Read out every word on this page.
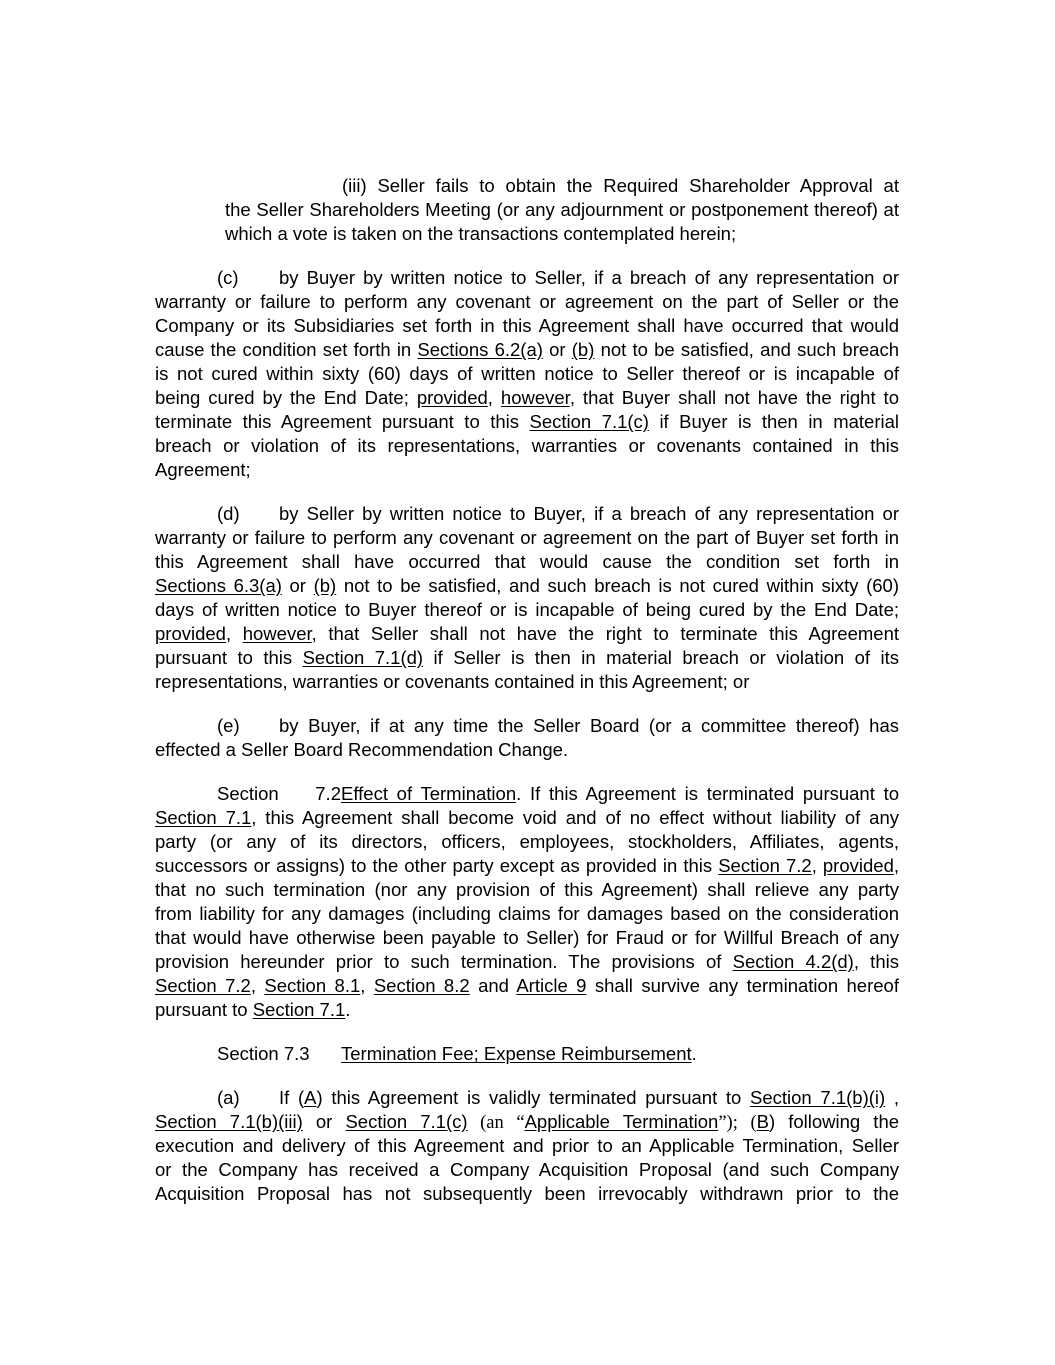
(iii) Seller fails to obtain the Required Shareholder Approval at
the Seller Shareholders Meeting (or any adjournment or postponement thereof) at
which a vote is taken on the transactions contemplated herein;
(c) by Buyer by written notice to Seller, if a breach of any representation or
warranty or failure to perform any covenant or agreement on the part of Seller or the
Company or its Subsidiaries set forth in this Agreement shall have occurred that would
cause the condition set forth in Sections 6.2(a) or (b) not to be satisfied, and such breach
is not cured within sixty (60) days of written notice to Seller thereof or is incapable of
being cured by the End Date; provided, however, that Buyer shall not have the right to
terminate this Agreement pursuant to this Section 7.1(c) if Buyer is then in material
breach or violation of its representations, warranties or covenants contained in this
Agreement;
(d) by Seller by written notice to Buyer, if a breach of any representation or
warranty or failure to perform any covenant or agreement on the part of Buyer set forth in
this Agreement shall have occurred that would cause the condition set forth in
Sections 6.3(a) or (b) not to be satisfied, and such breach is not cured within sixty (60)
days of written notice to Buyer thereof or is incapable of being cured by the End Date;
provided, however, that Seller shall not have the right to terminate this Agreement
pursuant to this Section 7.1(d) if Seller is then in material breach or violation of its
representations, warranties or covenants contained in this Agreement; or
(e) by Buyer, if at any time the Seller Board (or a committee thereof) has
effected a Seller Board Recommendation Change.
Section 7.2Effect of Termination. If this Agreement is terminated pursuant to
Section 7.1, this Agreement shall become void and of no effect without liability of any
party (or any of its directors, officers, employees, stockholders, Affiliates, agents,
successors or assigns) to the other party except as provided in this Section 7.2, provided,
that no such termination (nor any provision of this Agreement) shall relieve any party
from liability for any damages (including claims for damages based on the consideration
that would have otherwise been payable to Seller) for Fraud or for Willful Breach of any
provision hereunder prior to such termination. The provisions of Section 4.2(d), this
Section 7.2, Section 8.1, Section 8.2 and Article 9 shall survive any termination hereof
pursuant to Section 7.1.
Section 7.3 Termination Fee; Expense Reimbursement.
(a) If (A) this Agreement is validly terminated pursuant to Section 7.1(b)(i) ,
Section 7.1(b)(iii) or Section 7.1(c) (an “Applicable Termination”); (B) following the
execution and delivery of this Agreement and prior to an Applicable Termination, Seller
or the Company has received a Company Acquisition Proposal (and such Company
Acquisition Proposal has not subsequently been irrevocably withdrawn prior to the
